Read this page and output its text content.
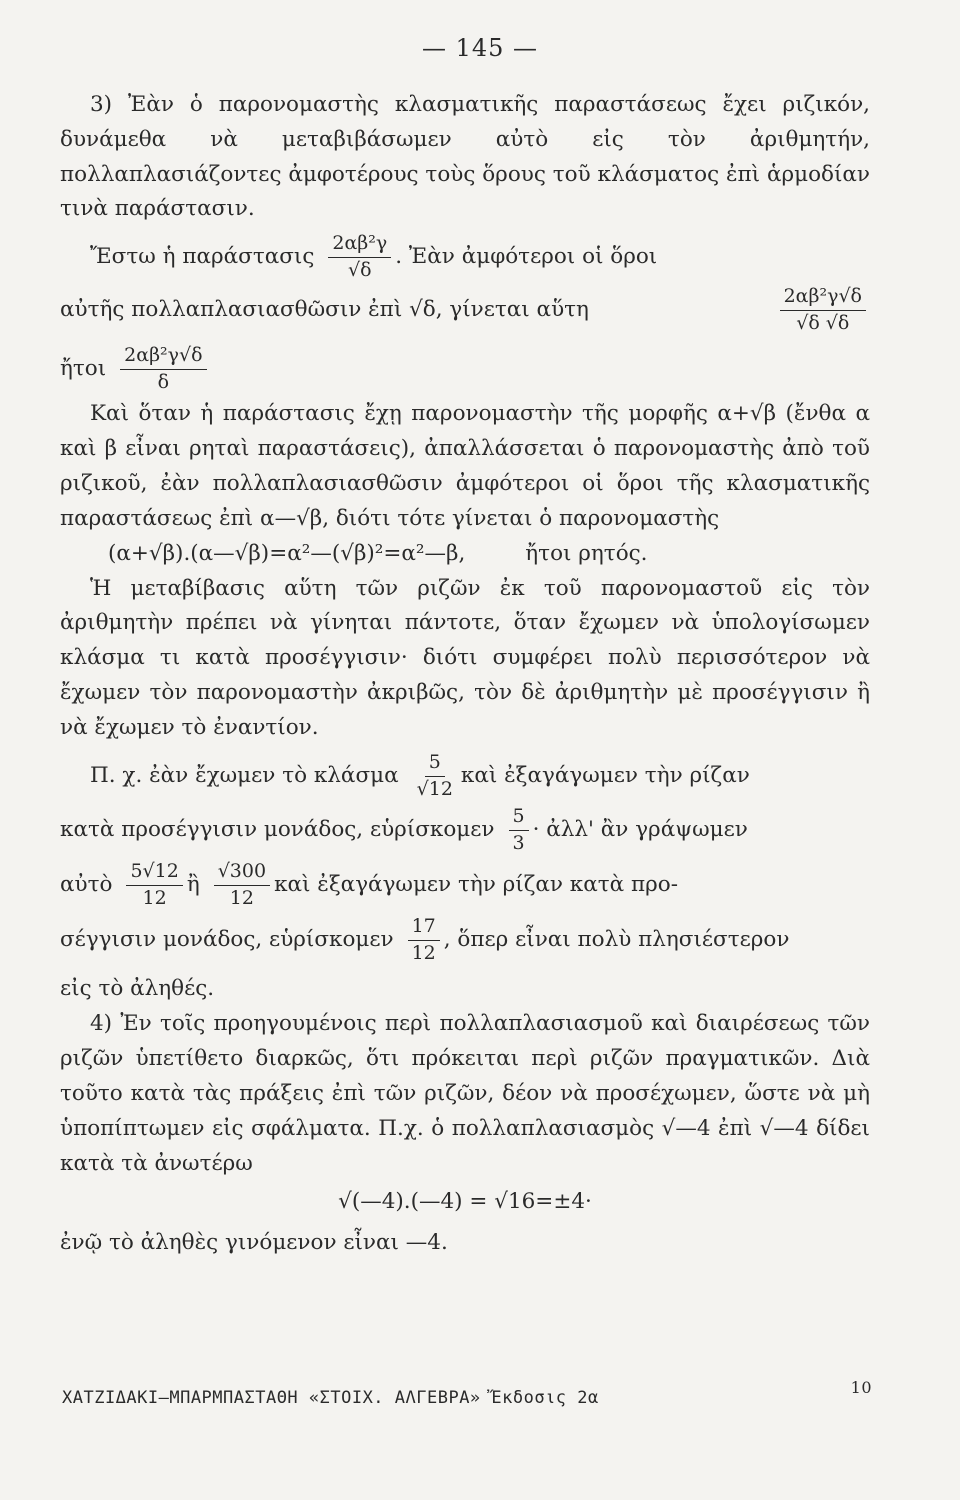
— 145 —

3) Ἐὰν ὁ παρονομαστὴς κλασματικῆς παραστάσεως ἔχει ριζικόν, δυνάμεθα νὰ μεταβιβάσωμεν αὐτὸ εἰς τὸν ἀριθμητήν, πολλαπλασιάζοντες ἀμφοτέρους τοὺς ὅρους τοῦ κλάσματος ἐπὶ ἁρμοδίαν τινὰ παράστασιν.

Ἔστω ἡ παράστασις $\frac{\text{2αβ²γ}}{√\delta}$ . Ἐὰν ἀμφότεροι οἱ ὅροι
αὐτῆς πολλαπλασιασθῶσιν ἐπὶ √δ, γίνεται αὕτη	$\frac{\text{2αβ²γ√δ}}{√\delta √\delta}$
ἤτοι $\frac{\text{2αβ²γ√δ}}{\delta}$

Καὶ ὅταν ἡ παράστασις ἔχῃ παρονομαστὴν τῆς μορφῆς α+√β (ἔνθα α καὶ β εἶναι ρηταὶ παραστάσεις), ἀπαλλάσσεται ὁ παρονομαστὴς ἀπὸ τοῦ ριζικοῦ, ἐὰν πολλαπλασιασθῶσιν ἀμφότεροι οἱ ὅροι τῆς κλασματικῆς παραστάσεως ἐπὶ α—√β, διότι τότε γίνεται ὁ παρονομαστὴς

(α+√β).(α—√β)=α²—(√β)²=α²—β,	ἤτοι ρητός.

Ἡ μεταβίβασις αὕτη τῶν ριζῶν ἐκ τοῦ παρονομαστοῦ εἰς τὸν ἀριθμητὴν πρέπει νὰ γίνηται πάντοτε, ὅταν ἔχωμεν νὰ ὑπολογίσωμεν κλάσμα τι κατὰ προσέγγισιν· διότι συμφέρει πολὺ περισσότερον νὰ ἔχωμεν τὸν παρονομαστὴν ἀκριβῶς, τὸν δὲ ἀριθμητὴν μὲ προσέγγισιν ἢ νὰ ἔχωμεν τὸ ἐναντίον.

Π. χ. ἐὰν ἔχωμεν τὸ κλάσμα $\frac{5}{√12}$ καὶ ἐξαγάγωμεν τὴν ρίζαν
κατὰ προσέγγισιν μονάδος, εὑρίσκομεν $\frac{5}{3}$ · ἀλλ' ἂν γράψωμεν
αὐτὸ $\frac{5√12}{12}$ ἢ $\frac{√300}{12}$ καὶ ἐξαγάγωμεν τὴν ρίζαν κατὰ προ-
σέγγισιν μονάδος, εὑρίσκομεν $\frac{17}{12}$ , ὅπερ εἶναι πολὺ πλησιέστερον

εἰς τὸ ἀληθές.

4) Ἐν τοῖς προηγουμένοις περὶ πολλαπλασιασμοῦ καὶ διαιρέσεως τῶν ριζῶν ὑπετίθετο διαρκῶς, ὅτι πρόκειται περὶ ριζῶν πραγματικῶν. Διὰ τοῦτο κατὰ τὰς πράξεις ἐπὶ τῶν ριζῶν, δέον νὰ προσέχωμεν, ὥστε νὰ μὴ ὑποπίπτωμεν εἰς σφάλματα. Π.χ. ὁ πολλαπλασιασμὸς √—4 ἐπὶ √—4 δίδει κατὰ τὰ ἀνωτέρω

√(—4).(—4) = √16=±4·

ἐνῷ τὸ ἀληθὲς γινόμενον εἶναι —4.

ΧΑΤΖΙΔΑΚΙ—ΜΠΑΡΜΠΑΣΤΑΘΗ «ΣΤΟΙΧ. ΑΛΓΕΒΡΑ» Ἔκδοσις 2α
10
